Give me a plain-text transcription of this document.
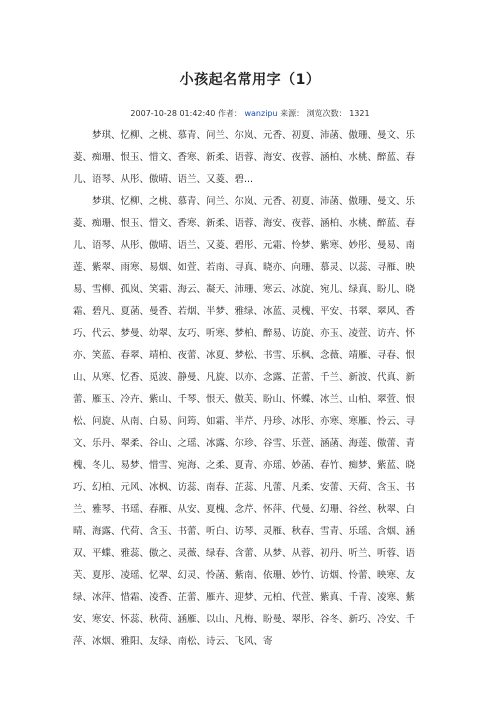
小孩起名常用字（1）
2007-10-28 01:42:40 作者： wanzipu 来源： 浏览次数： 1321

梦琪、忆柳、之桃、慕青、问兰、尔岚、元香、初夏、沛菡、傲珊、曼文、乐菱、痴珊、恨玉、惜文、香寒、新柔、语蓉、海安、夜蓉、涵柏、水桃、醉蓝、春儿、语琴、从彤、傲晴、语兰、又菱、碧...

梦琪、忆柳、之桃、慕青、问兰、尔岚、元香、初夏、沛菡、傲珊、曼文、乐菱、痴珊、恨玉、惜文、香寒、新柔、语蓉、海安、夜蓉、涵柏、水桃、醉蓝、春儿、语琴、从彤、傲晴、语兰、又菱、碧彤、元霜、怜梦、紫寒、妙彤、曼易、南莲、紫翠、雨寒、易烟、如萱、若南、寻真、晓亦、向珊、慕灵、以蕊、寻雁、映易、雪柳、孤岚、笑霜、海云、凝天、沛珊、寒云、冰旋、宛儿、绿真、盼儿、晓霜、碧凡、夏菡、曼香、若烟、半梦、雅绿、冰蓝、灵槐、平安、书翠、翠风、香巧、代云、梦曼、幼翠、友巧、听寒、梦柏、醉易、访旋、亦玉、凌萱、访卉、怀亦、笑蓝、春翠、靖柏、夜蕾、冰夏、梦松、书雪、乐枫、念薇、靖雁、寻春、恨山、从寒、忆香、觅波、静曼、凡旋、以亦、念露、芷蕾、千兰、新波、代真、新蕾、雁玉、冷卉、紫山、千琴、恨天、傲芙、盼山、怀蝶、冰兰、山柏、翠萱、恨松、问旋、从南、白易、问筠、如霜、半芹、丹珍、冰彤、亦寒、寒雁、怜云、寻文、乐丹、翠柔、谷山、之瑶、冰露、尔珍、谷雪、乐萱、涵菡、海莲、傲蕾、青槐、冬儿、易梦、惜雪、宛海、之柔、夏青、亦瑶、妙菡、春竹、痴梦、紫蓝、晓巧、幻柏、元风、冰枫、访蕊、南春、芷蕊、凡蕾、凡柔、安蕾、天荷、含玉、书兰、雅琴、书瑶、春雁、从安、夏槐、念芹、怀萍、代曼、幻珊、谷丝、秋翠、白晴、海露、代荷、含玉、书蕾、听白、访琴、灵雁、秋春、雪青、乐瑶、含烟、涵双、平蝶、雅蕊、傲之、灵薇、绿春、含蕾、从梦、从蓉、初丹、听兰、听蓉、语芙、夏彤、凌瑶、忆翠、幻灵、怜菡、紫南、依珊、妙竹、访烟、怜蕾、映寒、友绿、冰萍、惜霜、凌香、芷蕾、雁卉、迎梦、元柏、代萱、紫真、千青、凌寒、紫安、寒安、怀蕊、秋荷、涵雁、以山、凡梅、盼曼、翠彤、谷冬、新巧、冷安、千萍、冰烟、雅阳、友绿、南松、诗云、飞风、寄
